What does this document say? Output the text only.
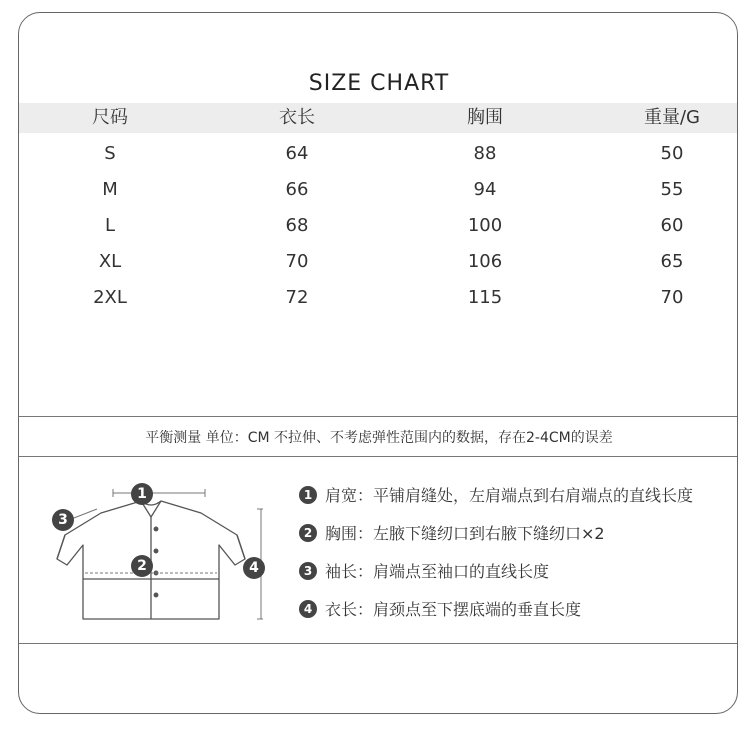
SIZE CHART
尺码	衣长	胸围	重量/G
S	64	88	50
M	66	94	55
L	68	100	60
XL	70	106	65
2XL	72	115	70
平衡测量 单位：CM 不拉伸、不考虑弹性范围内的数据，存在2-4CM的误差
1
2
3
4
1 肩宽：平铺肩缝处，左肩端点到右肩端点的直线长度
2 胸围：左腋下缝纫口到右腋下缝纫口×2
3 袖长：肩端点至袖口的直线长度
4 衣长：肩颈点至下摆底端的垂直长度
